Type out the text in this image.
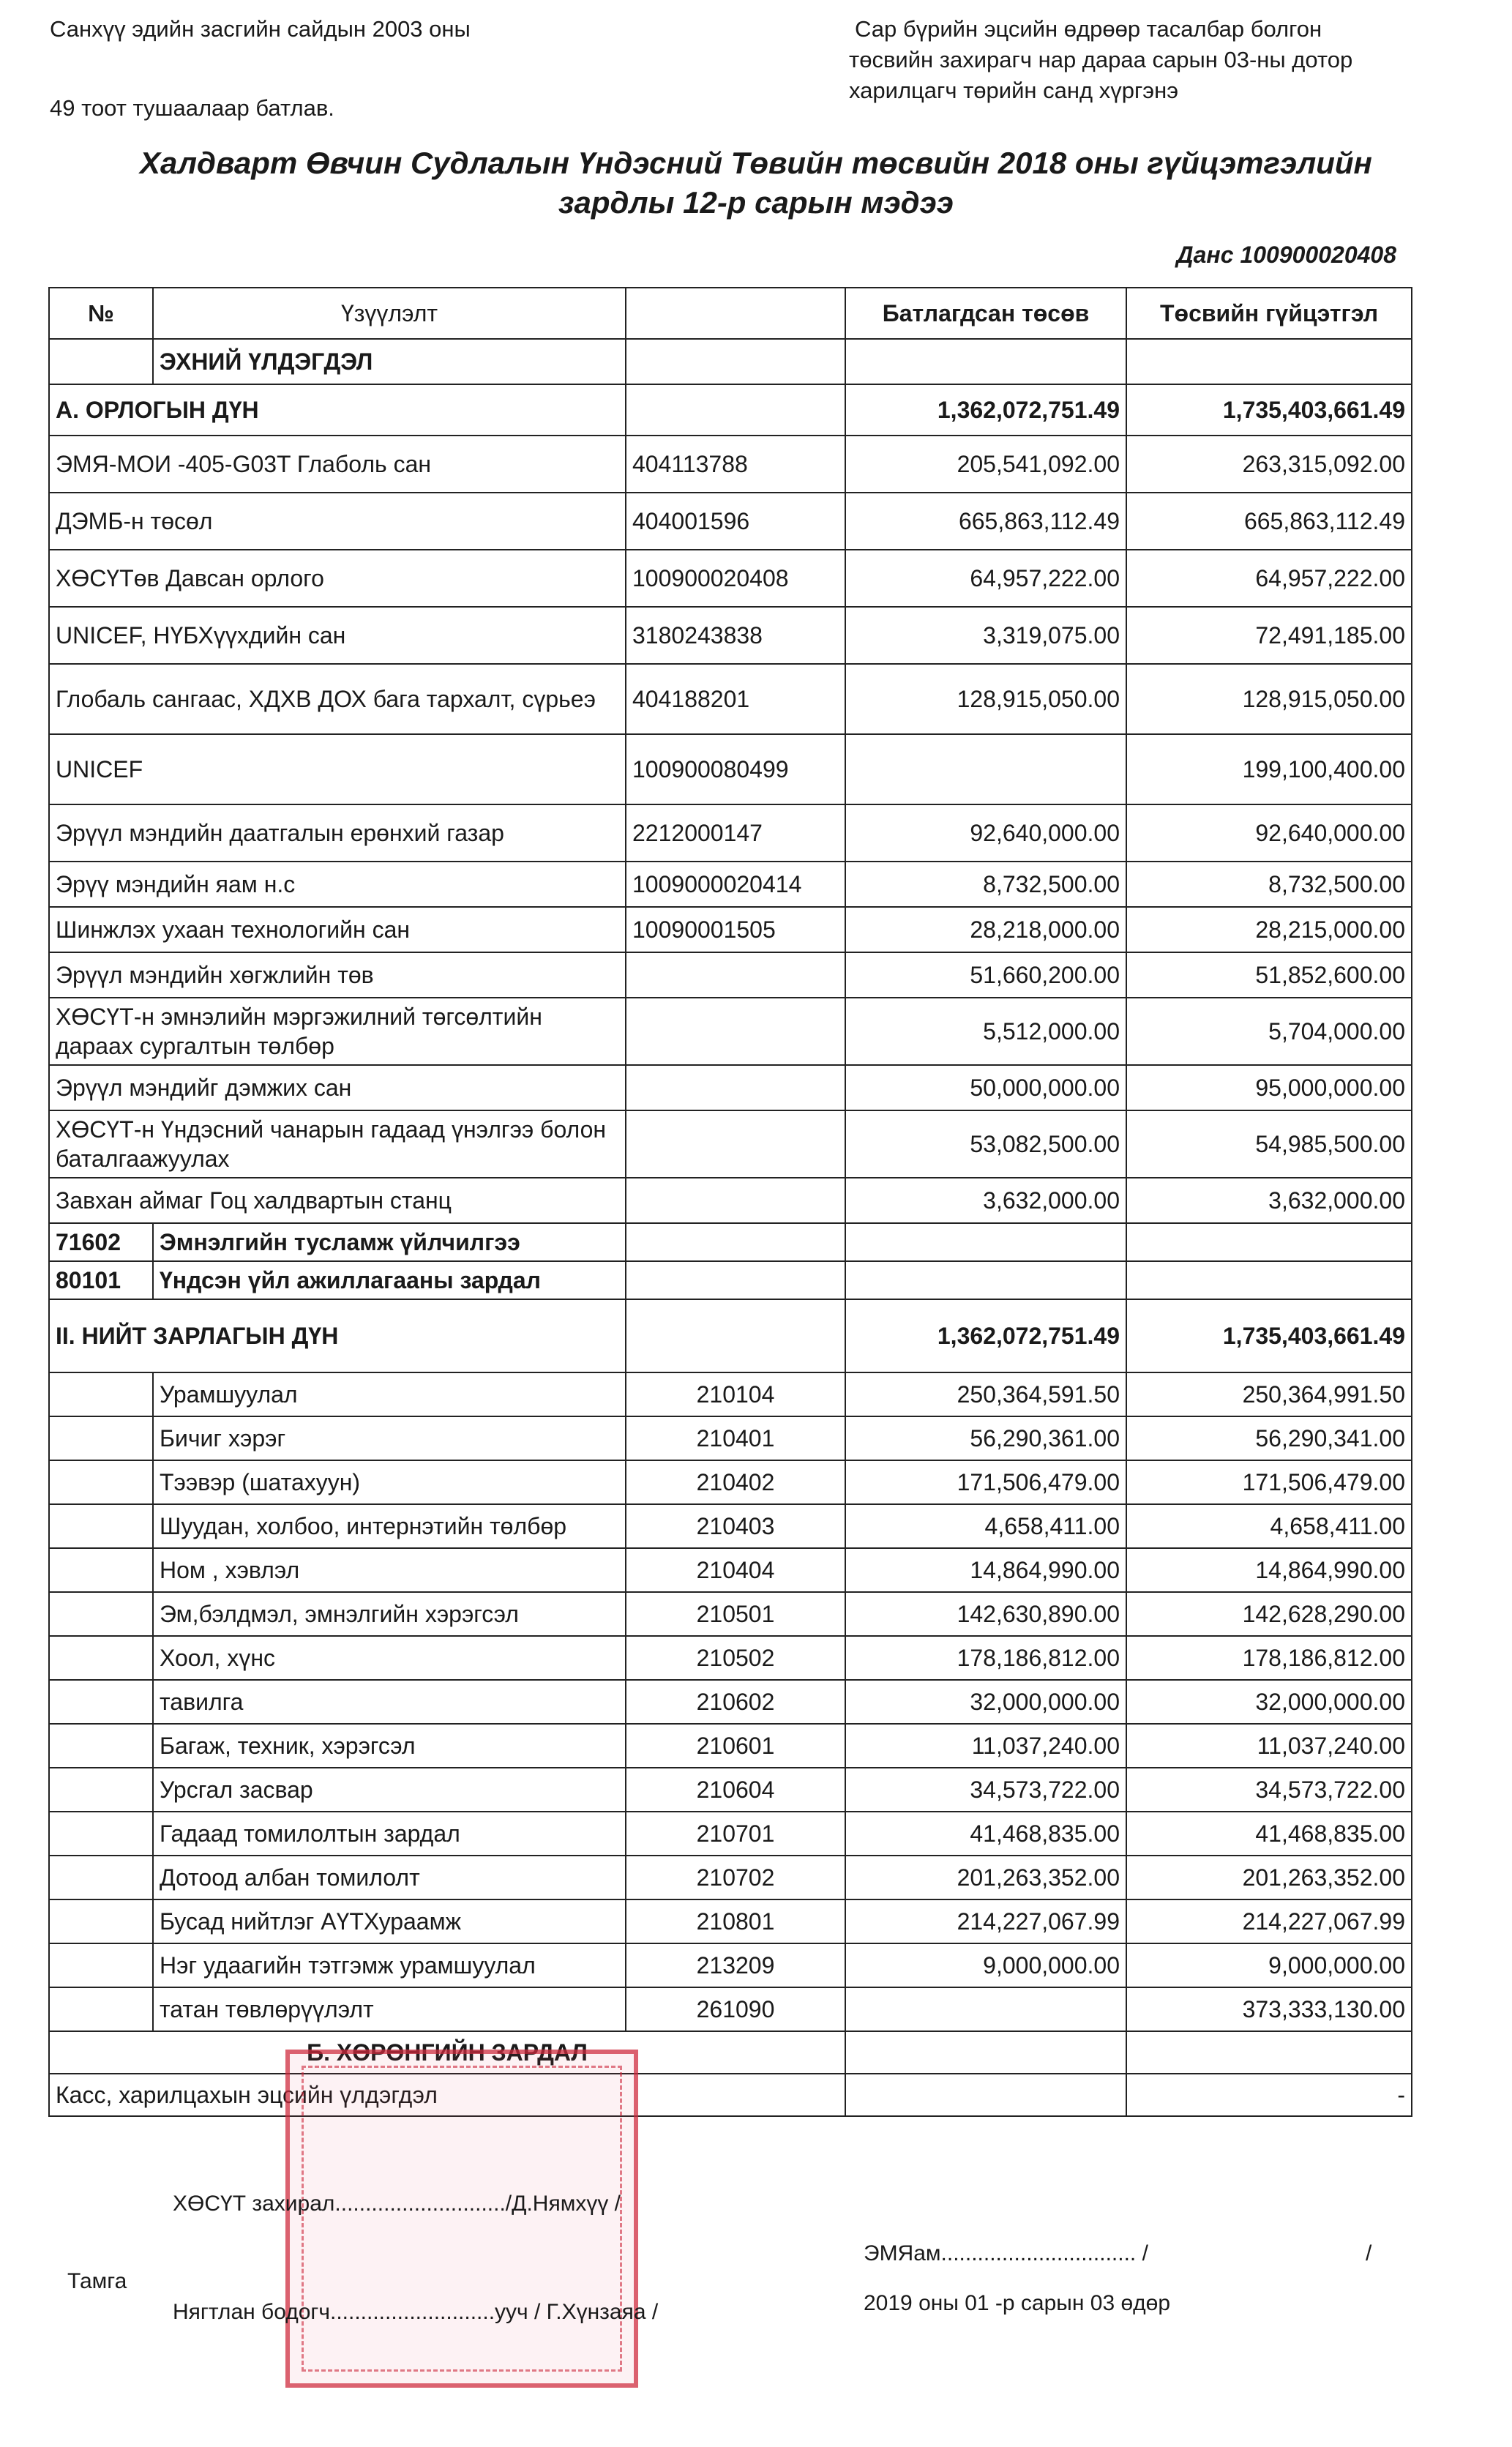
Санхүү эдийн засгийн сайдын 2003 оны
49 тоот тушаалаар батлав.
Сар бүрийн эцсийн өдрөөр тасалбар болгон
төсвийн захирагч нар дараа сарын 03-ны дотор
харилцагч төрийн санд хүргэнэ
Халдварт Өвчин Судлалын Үндэсний Төвийн төсвийн 2018 оны гүйцэтгэлийн
зардлы 12-р сарын мэдээ
Данс 100900020408
№	Үзүүлэлт		Батлагдсан төсөв	Төсвийн гүйцэтгэл
	ЭХНИЙ ҮЛДЭГДЭЛ			
А. ОРЛОГЫН ДҮН			1,362,072,751.49	1,735,403,661.49
ЭМЯ-МОИ -405-G03T Глаболь сан		404113788	205,541,092.00	263,315,092.00
ДЭМБ-н төсөл		404001596	665,863,112.49	665,863,112.49
ХӨСҮТөв Давсан орлого		100900020408	64,957,222.00	64,957,222.00
UNICEF, НҮБХүүхдийн сан		3180243838	3,319,075.00	72,491,185.00
Глобаль сангаас, ХДХВ ДОХ бага тархалт, сүрьеэ		404188201	128,915,050.00	128,915,050.00
UNICEF		100900080499		199,100,400.00
Эрүүл мэндийн даатгалын ерөнхий газар		2212000147	92,640,000.00	92,640,000.00
Эрүү мэндийн яам н.с		1009000020414	8,732,500.00	8,732,500.00
Шинжлэх ухаан технологийн сан		10090001505	28,218,000.00	28,215,000.00
Эрүүл мэндийн хөгжлийн төв			51,660,200.00	51,852,600.00
ХӨСҮТ-н эмнэлийн мэргэжилний төгсөлтийн дараах сургалтын төлбөр			5,512,000.00	5,704,000.00
Эрүүл мэндийг дэмжих сан			50,000,000.00	95,000,000.00
ХӨСҮТ-н Үндэсний чанарын гадаад үнэлгээ болон баталгаажуулах			53,082,500.00	54,985,500.00
Завхан аймаг Гоц халдвартын станц			3,632,000.00	3,632,000.00
71602	Эмнэлгийн тусламж үйлчилгээ			
80101	Үндсэн үйл ажиллагааны зардал			
II. НИЙТ ЗАРЛАГЫН ДҮН			1,362,072,751.49	1,735,403,661.49
	Урамшуулал	210104	250,364,591.50	250,364,991.50
	Бичиг хэрэг	210401	56,290,361.00	56,290,341.00
	Тээвэр (шатахуун)	210402	171,506,479.00	171,506,479.00
	Шуудан, холбоо, интернэтийн төлбөр	210403	4,658,411.00	4,658,411.00
	Ном , хэвлэл	210404	14,864,990.00	14,864,990.00
	Эм,бэлдмэл, эмнэлгийн хэрэгсэл	210501	142,630,890.00	142,628,290.00
	Хоол, хүнс	210502	178,186,812.00	178,186,812.00
	тавилга	210602	32,000,000.00	32,000,000.00
	Багаж, техник, хэрэгсэл	210601	11,037,240.00	11,037,240.00
	Урсгал засвар	210604	34,573,722.00	34,573,722.00
	Гадаад томилолтын зардал	210701	41,468,835.00	41,468,835.00
	Дотоод албан томилолт	210702	201,263,352.00	201,263,352.00
	Бусад нийтлэг АҮТХураамж	210801	214,227,067.99	214,227,067.99
	Нэг удаагийн тэтгэмж урамшуулал	213209	9,000,000.00	9,000,000.00
	татан төвлөрүүлэлт	261090		373,333,130.00
Б. ХӨРӨНГИЙН ЗАРДАЛ				
Касс, харилцахын эцсийн үлдэгдэл				-
ХӨСҮТ захирал............................/Д.Нямхүү /
Тамга
Нягтлан бодогч...........................ууч / Г.Хүнзаяа /
ЭМЯам................................ /	/
2019 оны 01 -р сарын 03 өдөр
